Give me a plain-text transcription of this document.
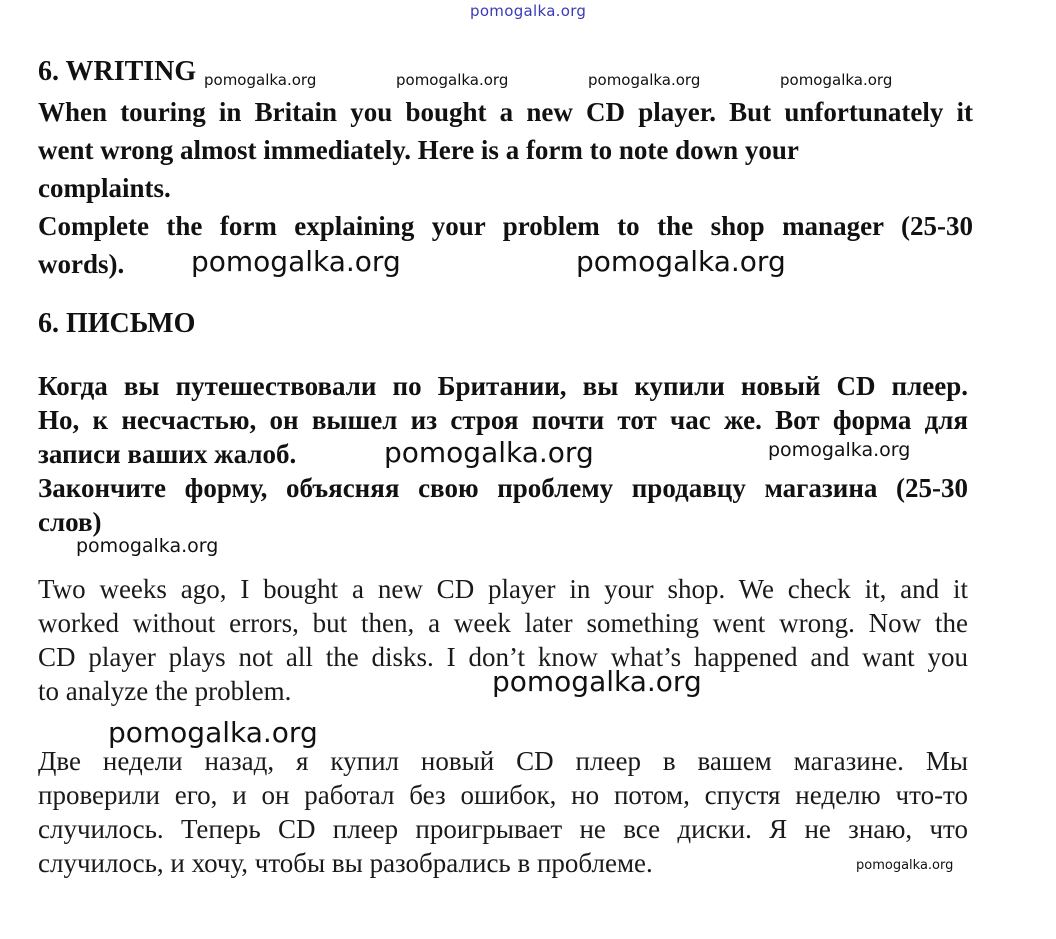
pomogalka.org
6. WRITING pomogalka.org	pomogalka.org	pomogalka.org	pomogalka.org
When touring in Britain you bought a new CD player. But unfortunately it
went wrong almost immediately. Here is a form to note down your
complaints.
Complete the form explaining your problem to the shop manager (25-30
words).	pomogalka.org	pomogalka.org
6. ПИСЬМО
Когда вы путешествовали по Британии, вы купили новый CD плеер.
Но, к несчастью, он вышел из строя почти тот час же. Вот форма для
записи ваших жалоб.
Закончите форму, объясняя свою проблему продавцу магазина (25-30
слов)
pomogalka.org	pomogalka.org
pomogalka.org
Two weeks ago, I bought a new CD player in your shop. We check it, and it
worked without errors, but then, a week later something went wrong. Now the
CD player plays not all the disks. I don’t know what’s happened and want you
to analyze the problem.	pomogalka.org
pomogalka.org
Две недели назад, я купил новый CD плеер в вашем магазине. Мы
проверили его, и он работал без ошибок, но потом, спустя неделю что-то
случилось. Теперь CD плеер проигрывает не все диски. Я не знаю, что
случилось, и хочу, чтобы вы разобрались в проблеме.	pomogalka.org
